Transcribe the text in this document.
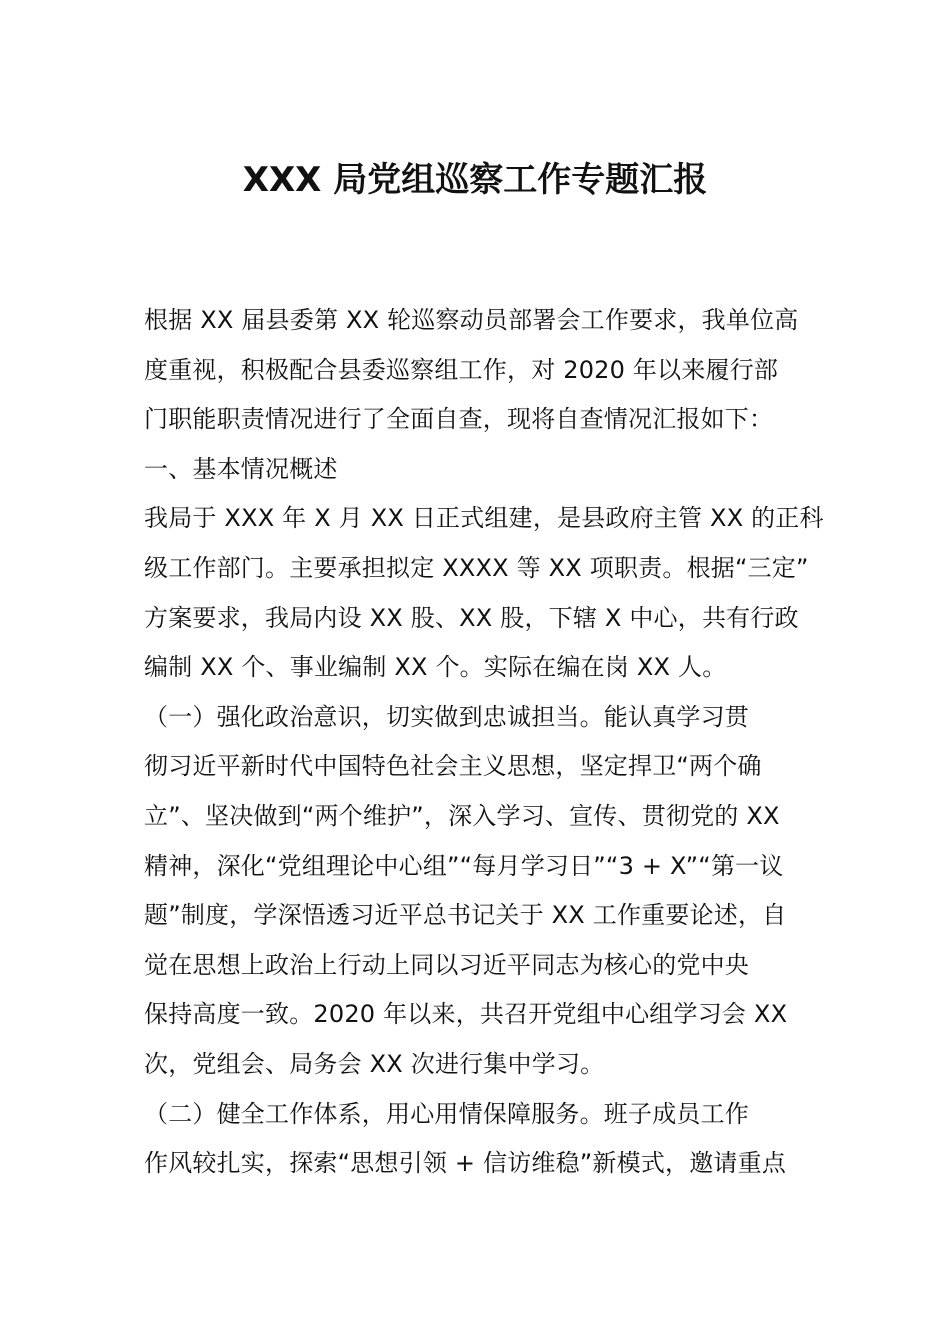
XXX 局党组巡察工作专题汇报
根据 XX 届县委第 XX 轮巡察动员部署会工作要求，我单位高
度重视，积极配合县委巡察组工作，对 2020 年以来履行部
门职能职责情况进行了全面自查，现将自查情况汇报如下：
一、基本情况概述
我局于 XXX 年 X 月 XX 日正式组建，是县政府主管 XX 的正科
级工作部门。主要承担拟定 XXXX 等 XX 项职责。根据“三定”
方案要求，我局内设 XX 股、XX 股，下辖 X 中心，共有行政
编制 XX 个、事业编制 XX 个。实际在编在岗 XX 人。
（一）强化政治意识，切实做到忠诚担当。能认真学习贯
彻习近平新时代中国特色社会主义思想，坚定捍卫“两个确
立”、坚决做到“两个维护”，深入学习、宣传、贯彻党的 XX
精神，深化“党组理论中心组”“每月学习日”“3 + X”“第一议
题”制度，学深悟透习近平总书记关于 XX 工作重要论述，自
觉在思想上政治上行动上同以习近平同志为核心的党中央
保持高度一致。2020 年以来，共召开党组中心组学习会 XX
次，党组会、局务会 XX 次进行集中学习。
（二）健全工作体系，用心用情保障服务。班子成员工作
作风较扎实，探索“思想引领 + 信访维稳”新模式，邀请重点
